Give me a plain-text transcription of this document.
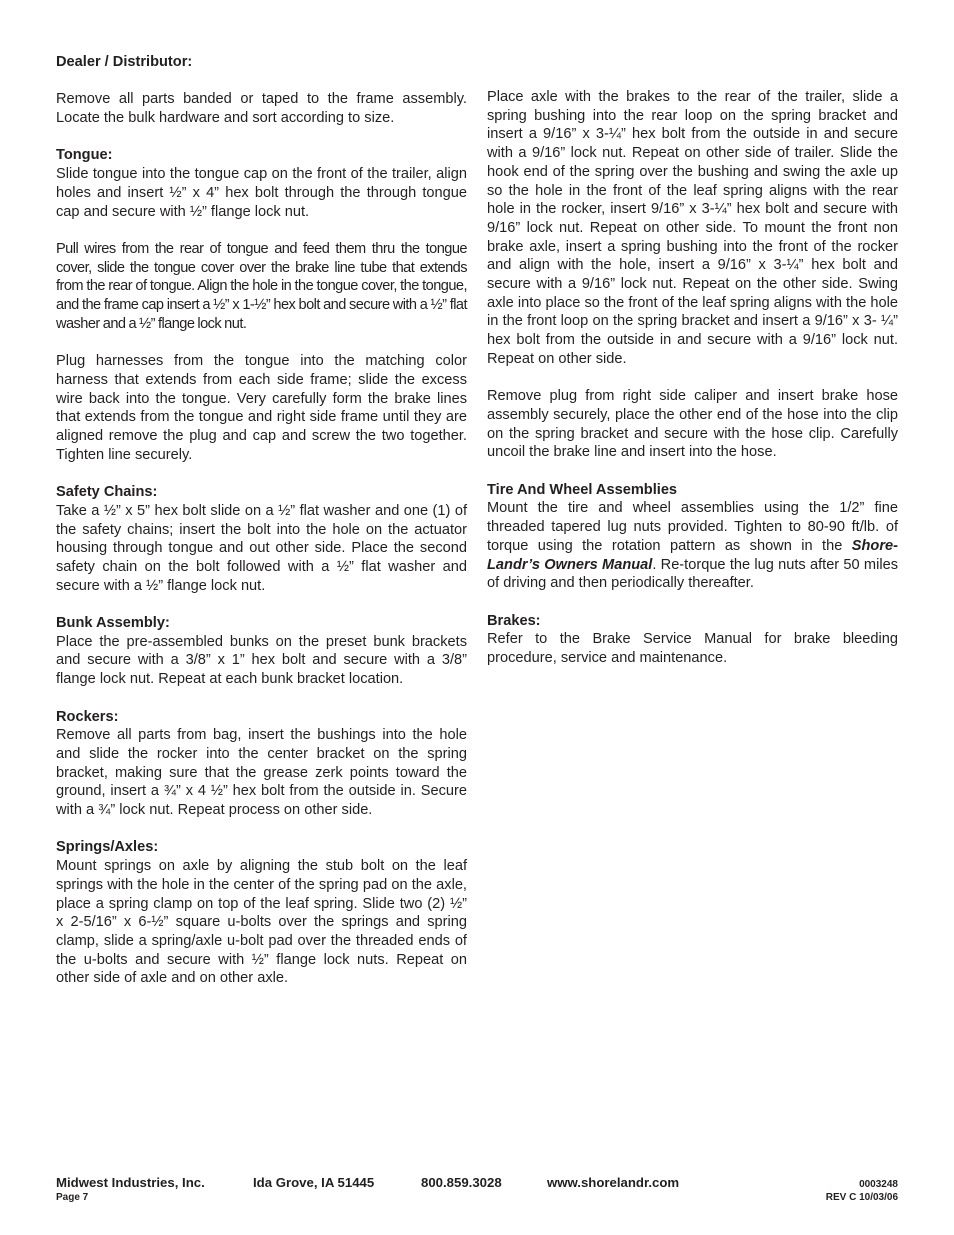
Dealer / Distributor:
Remove all parts banded or taped to the frame assembly. Locate the bulk hardware and sort according to size.
Tongue:

Slide tongue into the tongue cap on the front of the trailer, align holes and insert ½” x 4” hex bolt through the through tongue cap and secure with ½” flange lock nut.

Pull wires from the rear of tongue and feed them thru the tongue cover, slide the tongue cover over the brake line tube that extends from the rear of tongue. Align the hole in the tongue cover, the tongue, and the frame cap insert a ½” x 1-½” hex bolt and secure with a ½” flat washer and a ½” flange lock nut.

Plug harnesses from the tongue into the matching color harness that extends from each side frame; slide the excess wire back into the tongue. Very carefully form the brake lines that extends from the tongue and right side frame until they are aligned remove the plug and cap and screw the two together. Tighten line securely.

Safety Chains:
Take a ½” x 5” hex bolt slide on a ½” flat washer and one (1) of the safety chains; insert the bolt into the hole on the actuator housing through tongue and out other side. Place the second safety chain on the bolt followed with a ½” flat washer and secure with a ½” flange lock nut.
Bunk Assembly:
Place the pre-assembled bunks on the preset bunk brackets and secure with a 3/8” x 1” hex bolt and secure with a 3/8” flange lock nut. Repeat at each bunk bracket location.
Rockers:
Remove all parts from bag, insert the bushings into the hole and slide the rocker into the center bracket on the spring bracket, making sure that the grease zerk points toward the ground, insert a ¾” x 4 ½” hex bolt from the outside in. Secure with a ¾” lock nut. Repeat process on other side.
Springs/Axles:
Mount springs on axle by aligning the stub bolt on the leaf springs with the hole in the center of the spring pad on the axle, place a spring clamp on top of the leaf spring. Slide two (2) ½” x 2-5/16” x 6-½” square u-bolts over the springs and spring clamp, slide a spring/axle u-bolt pad over the threaded ends of the u-bolts and secure with ½” flange lock nuts. Repeat on other side of axle and on other axle.

Place axle with the brakes to the rear of the trailer, slide a spring bushing into the rear loop on the spring bracket and insert a 9/16” x 3-¼” hex bolt from the outside in and secure with a 9/16” lock nut. Repeat on other side of trailer. Slide the hook end of the spring over the bushing and swing the axle up so the hole in the front of the leaf spring aligns with the rear hole in the rocker, insert 9/16” x 3-¼” hex bolt and secure with 9/16” lock nut. Repeat on other side. To mount the front non brake axle, insert a spring bushing into the front of the rocker and align with the hole, insert a 9/16” x 3-¼” hex bolt and secure with a 9/16” lock nut. Repeat on the other side. Swing axle into place so the front of the leaf spring aligns with the hole in the front loop on the spring bracket and insert a 9/16” x 3- ¼” hex bolt from the outside in and secure with a 9/16” lock nut. Repeat on other side.

Remove plug from right side caliper and insert brake hose assembly securely, place the other end of the hose into the clip on the spring bracket and secure with the hose clip. Carefully uncoil the brake line and insert into the hose.

Tire And Wheel Assemblies
Mount the tire and wheel assemblies using the 1/2” fine threaded tapered lug nuts provided. Tighten to 80-90 ft/lb. of torque using the rotation pattern as shown in the Shore-Landr’s Owners Manual. Re-torque the lug nuts after 50 miles of driving and then periodically thereafter.
Brakes:
Refer to the Brake Service Manual for brake bleeding procedure, service and maintenance.
Midwest Industries, Inc.	Ida Grove, IA 51445	800.859.3028	www.shorelandr.com	0003248
Page 7	REV C 10/03/06
